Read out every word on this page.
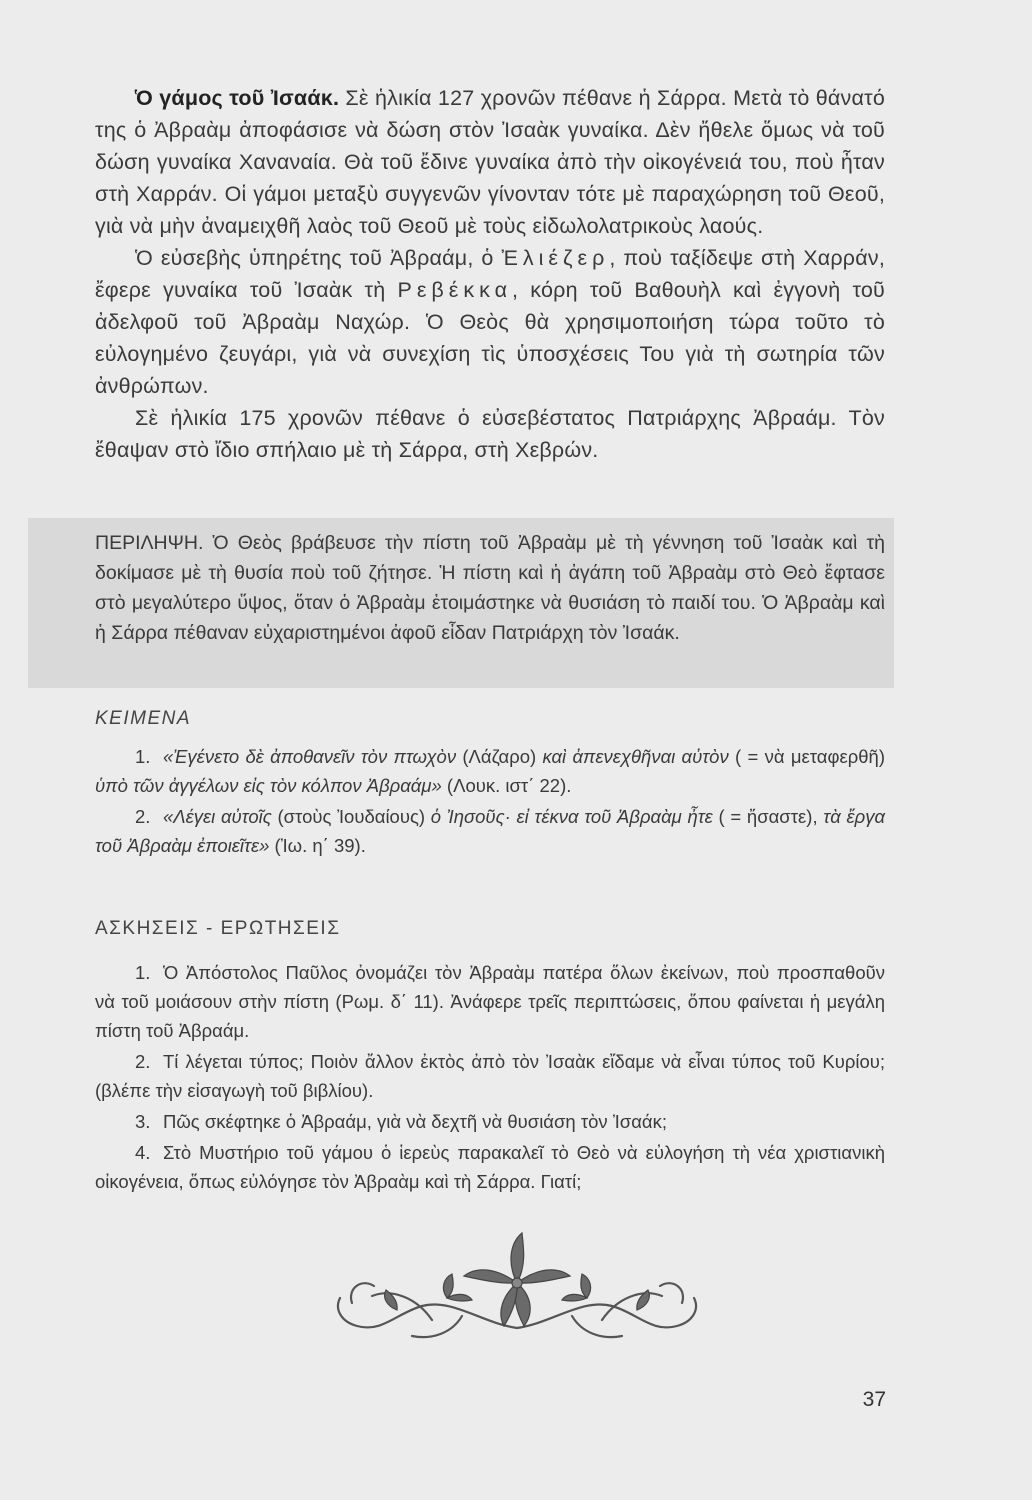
Ὁ γάμος τοῦ Ἰσαάκ. Σὲ ἡλικία 127 χρονῶν πέθανε ἡ Σάρρα. Μετὰ τὸ θάνατό της ὁ Ἀβραὰμ ἀποφάσισε νὰ δώση στὸν Ἰσαὰκ γυναίκα. Δὲν ἤθελε ὅμως νὰ τοῦ δώση γυναίκα Χαναναία. Θὰ τοῦ ἔδινε γυναίκα ἀπὸ τὴν οἰκογένειά του, ποὺ ἦταν στὴ Χαρράν. Οἱ γάμοι μεταξὺ συγγενῶν γίνονταν τότε μὲ παραχώρηση τοῦ Θεοῦ, γιὰ νὰ μὴν ἀναμειχθῆ λαὸς τοῦ Θεοῦ μὲ τοὺς εἰδωλολατρικοὺς λαούς.

Ὁ εὐσεβὴς ὑπηρέτης τοῦ Ἀβραάμ, ὁ Ἐλιέζερ, ποὺ ταξίδεψε στὴ Χαρράν, ἔφερε γυναίκα τοῦ Ἰσαὰκ τὴ Ρεβέκκα, κόρη τοῦ Βαθουὴλ καὶ ἐγγονὴ τοῦ ἀδελφοῦ τοῦ Ἀβραὰμ Ναχώρ. Ὁ Θεὸς θὰ χρησιμοποιήση τώρα τοῦτο τὸ εὐλογημένο ζευγάρι, γιὰ νὰ συνεχίση τὶς ὑποσχέσεις Του γιὰ τὴ σωτηρία τῶν ἀνθρώπων.

Σὲ ἡλικία 175 χρονῶν πέθανε ὁ εὐσεβέστατος Πατριάρχης Ἀβραάμ. Τὸν ἔθαψαν στὸ ἴδιο σπήλαιο μὲ τὴ Σάρρα, στὴ Χεβρών.

ΠΕΡΙΛΗΨΗ. Ὁ Θεὸς βράβευσε τὴν πίστη τοῦ Ἀβραὰμ μὲ τὴ γέννηση τοῦ Ἰσαὰκ καὶ τὴ δοκίμασε μὲ τὴ θυσία ποὺ τοῦ ζήτησε. Ἡ πίστη καὶ ἡ ἀγάπη τοῦ Ἀβραὰμ στὸ Θεὸ ἔφτασε στὸ μεγαλύτερο ὕψος, ὅταν ὁ Ἀβραὰμ ἑτοιμάστηκε νὰ θυσιάση τὸ παιδί του. Ὁ Ἀβραὰμ καὶ ἡ Σάρρα πέθαναν εὐχαριστημένοι ἀφοῦ εἶδαν Πατριάρχη τὸν Ἰσαάκ.

ΚΕΙΜΕΝΑ

1. «Ἐγένετο δὲ ἀποθανεῖν τὸν πτωχὸν (Λάζαρο) καὶ ἀπενεχθῆναι αὐτὸν ( = νὰ μεταφερθῆ) ὑπὸ τῶν ἀγγέλων εἰς τὸν κόλπον Ἀβραάμ» (Λουκ. ιστ΄ 22).

2. «Λέγει αὐτοῖς (στοὺς Ἰουδαίους) ὁ Ἰησοῦς· εἰ τέκνα τοῦ Ἀβραὰμ ἦτε ( = ἤσαστε), τὰ ἔργα τοῦ Ἀβραὰμ ἐποιεῖτε» (Ἰω. η΄ 39).

ΑΣΚΗΣΕΙΣ - ΕΡΩΤΗΣΕΙΣ

1. Ὁ Ἀπόστολος Παῦλος ὀνομάζει τὸν Ἀβραὰμ πατέρα ὅλων ἐκείνων, ποὺ προσπαθοῦν νὰ τοῦ μοιάσουν στὴν πίστη (Ρωμ. δ΄ 11). Ἀνάφερε τρεῖς περιπτώσεις, ὅπου φαίνεται ἡ μεγάλη πίστη τοῦ Ἀβραάμ.

2. Τί λέγεται τύπος; Ποιὸν ἄλλον ἐκτὸς ἀπὸ τὸν Ἰσαὰκ εἴδαμε νὰ εἶναι τύπος τοῦ Κυρίου; (βλέπε τὴν εἰσαγωγὴ τοῦ βιβλίου).

3. Πῶς σκέφτηκε ὁ Ἀβραάμ, γιὰ νὰ δεχτῆ νὰ θυσιάση τὸν Ἰσαάκ;

4. Στὸ Μυστήριο τοῦ γάμου ὁ ἱερεὺς παρακαλεῖ τὸ Θεὸ νὰ εὐλογήση τὴ νέα χριστιανικὴ οἰκογένεια, ὅπως εὐλόγησε τὸν Ἀβραὰμ καὶ τὴ Σάρρα. Γιατί;

37
